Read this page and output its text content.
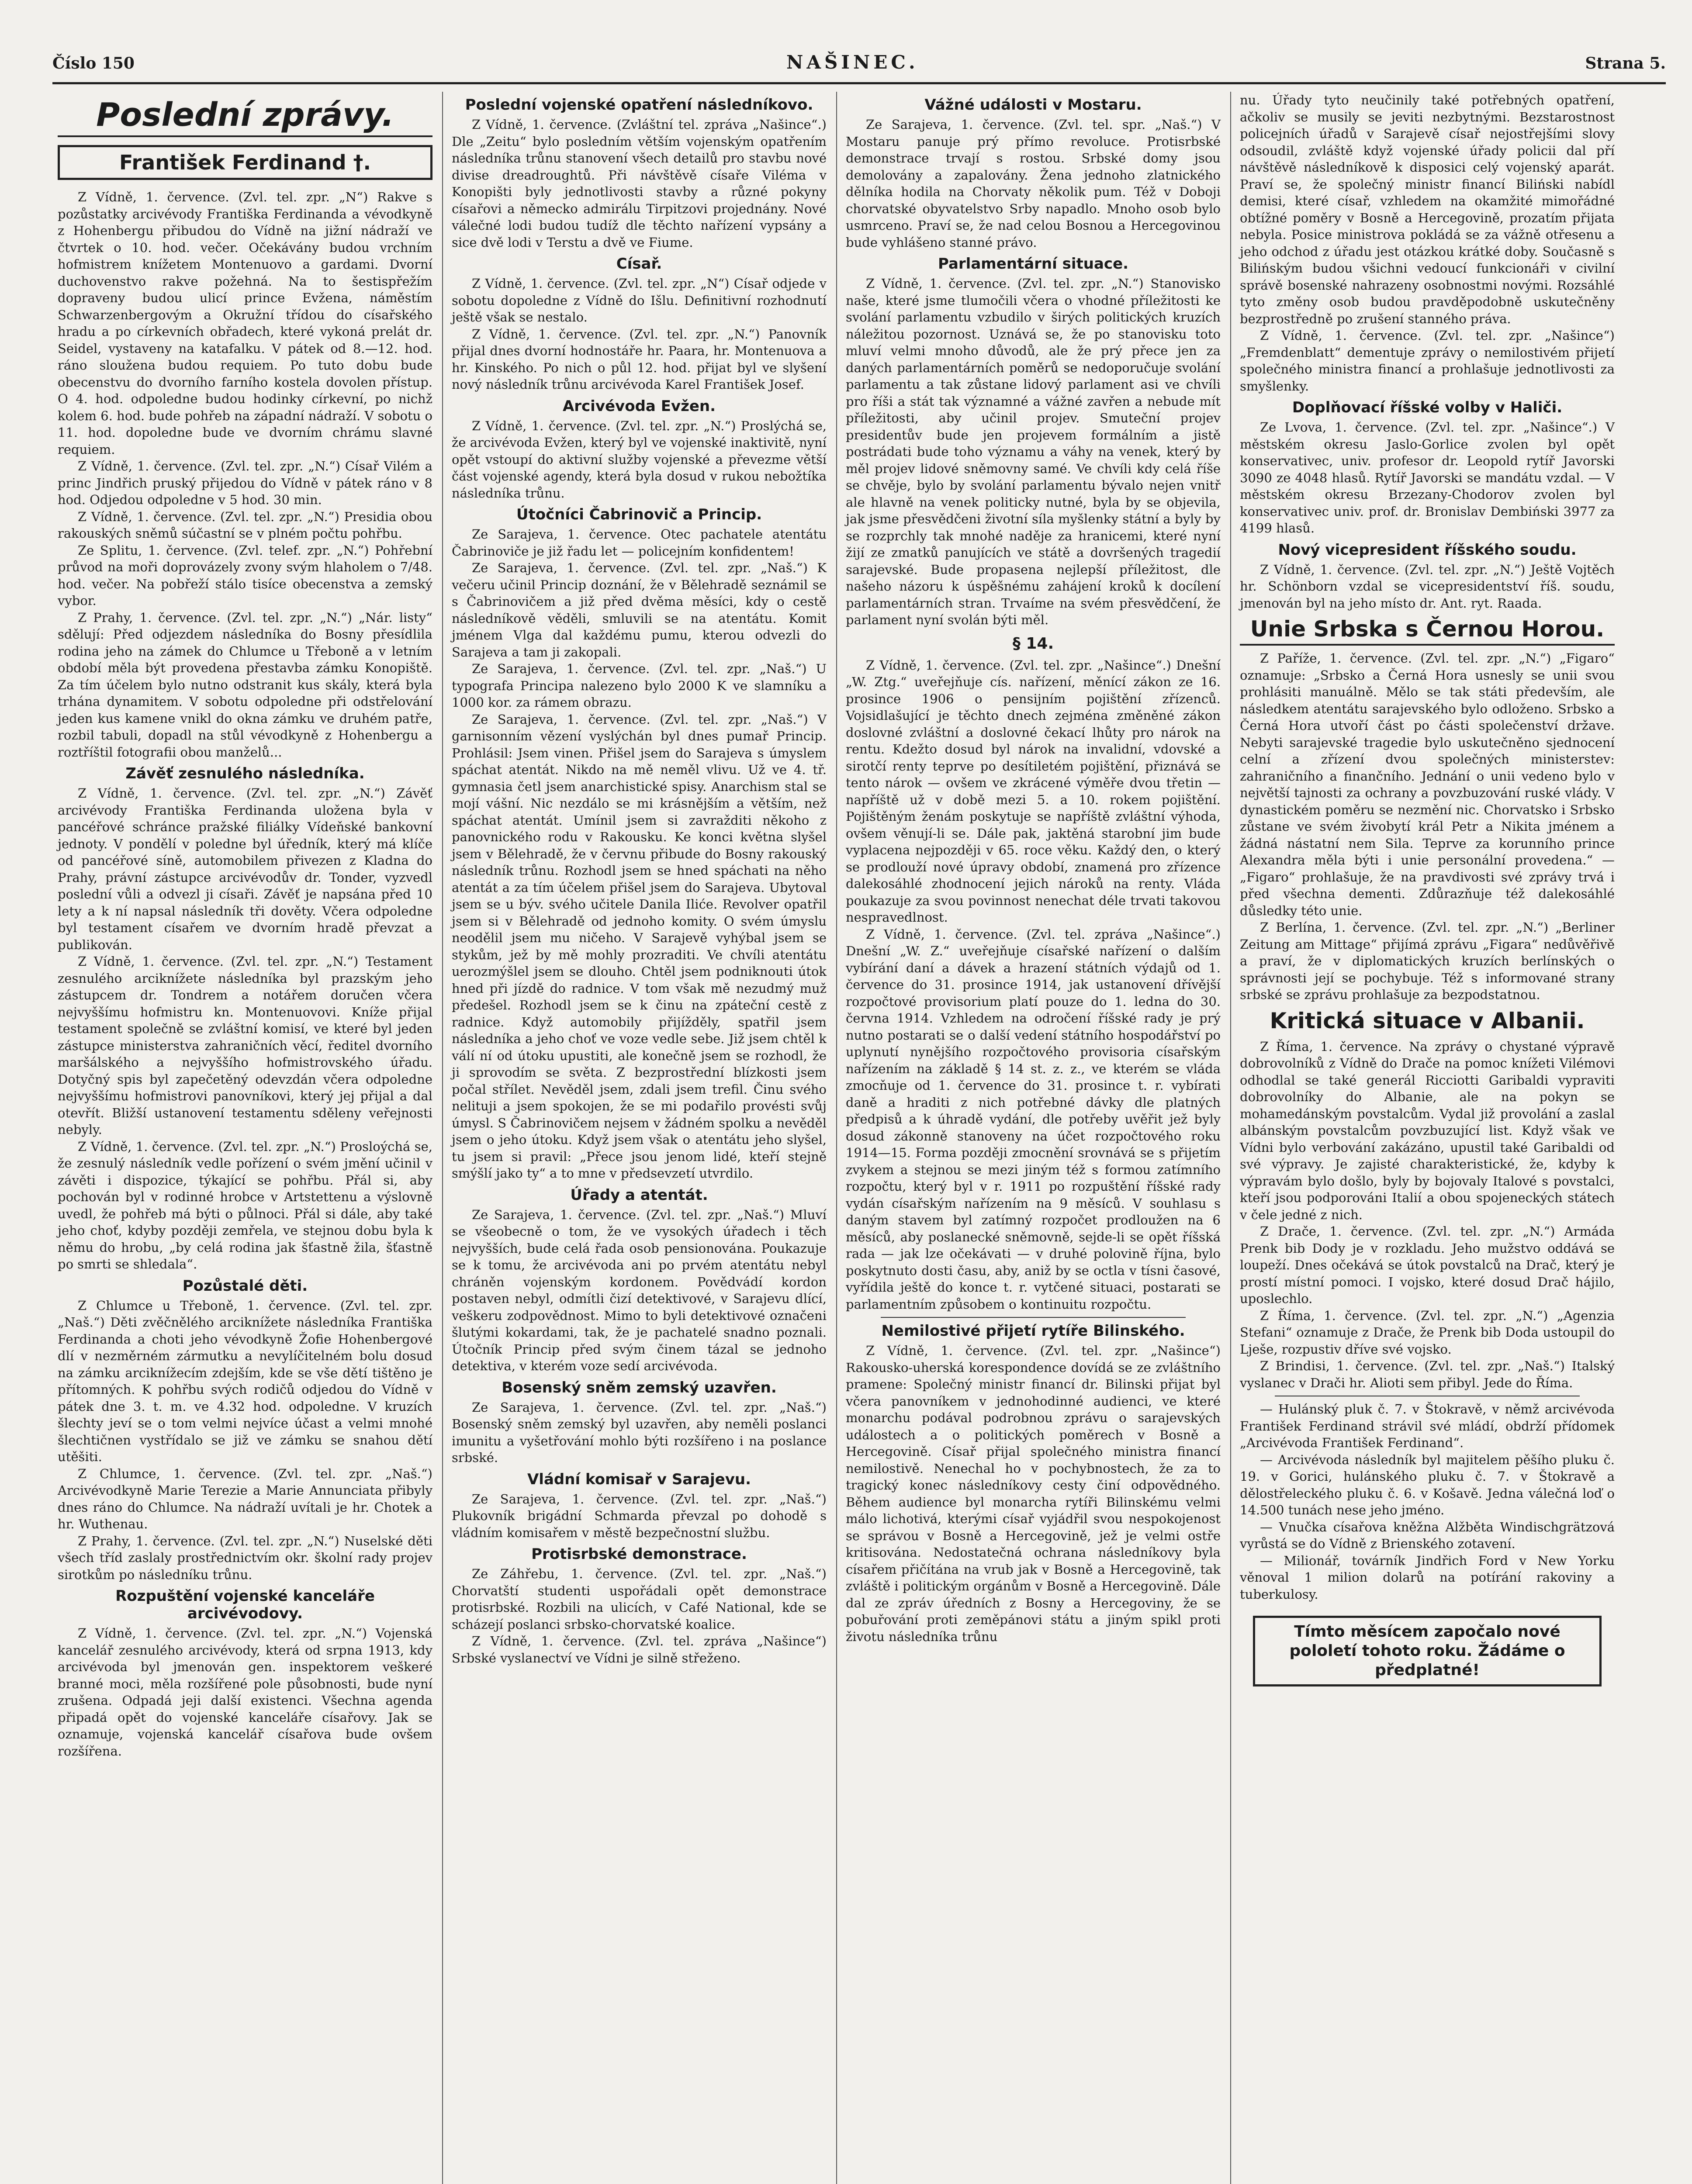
Číslo 150	NAŠINEC.	Strana 5.
Poslední zprávy.
František Ferdinand †.

Z Vídně, 1. července. (Zvl. tel. zpr. „N“) Rakve s pozůstatky arcivévody Františka Ferdinanda a vévodkyně z Hohenbergu přibudou do Vídně na jižní nádraží ve čtvrtek o 10. hod. večer. Očekávány budou vrchním hofmistrem knížetem Montenuovo a gardami. Dvorní duchovenstvo rakve požehná. Na to šestispřežím dopraveny budou ulicí prince Evžena, náměstím Schwarzenbergovým a Okružní třídou do císařského hradu a po církevních obřadech, které vykoná prelát dr. Seidel, vystaveny na katafalku. V pátek od 8.—12. hod. ráno sloužena budou requiem. Po tuto dobu bude obecenstvu do dvorního farního kostela dovolen přístup. O 4. hod. odpoledne budou hodinky církevní, po nichž kolem 6. hod. bude pohřeb na západní nádraží. V sobotu o 11. hod. dopoledne bude ve dvorním chrámu slavné requiem.

Z Vídně, 1. července. (Zvl. tel. zpr. „N.“) Císař Vilém a princ Jindřich pruský přijedou do Vídně v pátek ráno v 8 hod. Odjedou odpoledne v 5 hod. 30 min.

Z Vídně, 1. července. (Zvl. tel. zpr. „N.“) Presidia obou rakouských sněmů súčastní se v plném počtu pohřbu.

Ze Splitu, 1. července. (Zvl. telef. zpr. „N.“) Pohřební průvod na moři doprovázely zvony svým hlaholem o 7/48. hod. večer. Na pobřeží stálo tisíce obecenstva a zemský vybor.

Z Prahy, 1. července. (Zvl. tel. zpr. „N.“) „Nár. listy“ sdělují: Před odjezdem následníka do Bosny přesídlila rodina jeho na zámek do Chlumce u Třeboně a v letním období měla být provedena přestavba zámku Konopiště. Za tím účelem bylo nutno odstranit kus skály, která byla trhána dynamitem. V sobotu odpoledne při odstřelování jeden kus kamene vnikl do okna zámku ve druhém patře, rozbil tabuli, dopadl na stůl vévodkyně z Hohenbergu a roztříštil fotografii obou manželů...

Závěť zesnulého následníka.

Z Vídně, 1. července. (Zvl. tel. zpr. „N.“) Závěť arcivévody Františka Ferdinanda uložena byla v pancéřové schránce pražské filiálky Vídeňské bankovní jednoty. V pondělí v poledne byl úředník, který má klíče od pancéřové síně, automobilem přivezen z Kladna do Prahy, právní zástupce arcivévodův dr. Tonder, vyzvedl poslední vůli a odvezl ji císaři. Závěť je napsána před 10 lety a k ní napsal následník tři dověty. Včera odpoledne byl testament císařem ve dvorním hradě převzat a publikován.

Z Vídně, 1. července. (Zvl. tel. zpr. „N.“) Testament zesnulého arciknížete následníka byl prazským jeho zástupcem dr. Tondrem a notářem doručen včera nejvyššímu hofmistru kn. Montenuovovi. Kníže přijal testament společně se zvláštní komisí, ve které byl jeden zástupce ministerstva zahraničních věcí, ředitel dvorního maršálského a nejvyššího hofmistrovského úřadu. Dotyčný spis byl zapečetěný odevzdán včera odpoledne nejvyššímu hofmistrovi panovníkovi, který jej přijal a dal otevřít. Bližší ustanovení testamentu sděleny veřejnosti nebyly.

Z Vídně, 1. července. (Zvl. tel. zpr. „N.“) Prosloýchá se, že zesnulý následník vedle pořízení o svém jmění učinil v závěti i dispozice, týkající se pohřbu. Přál si, aby pochován byl v rodinné hrobce v Artstettenu a výslovně uvedl, že pohřeb má býti o půlnoci. Přál si dále, aby také jeho choť, kdyby později zemřela, ve stejnou dobu byla k němu do hrobu, „by celá rodina jak šťastně žila, šťastně po smrti se shledala“.

Pozůstalé děti.

Z Chlumce u Třeboně, 1. července. (Zvl. tel. zpr. „Naš.“) Děti zvěčnělého arciknížete následníka Františka Ferdinanda a choti jeho vévodkyně Žofie Hohenbergové dlí v nezměrném zármutku a nevylíčitelném bolu dosud na zámku arciknížecím zdejším, kde se vše dětí tištěno je přítomných. K pohřbu svých rodičů odjedou do Vídně v pátek dne 3. t. m. ve 4.32 hod. odpoledne. V kruzích šlechty jeví se o tom velmi nejvíce účast a velmi mnohé šlechtičnen vystřídalo se již ve zámku se snahou dětí utěšiti.

Z Chlumce, 1. července. (Zvl. tel. zpr. „Naš.“) Arcivévodkyně Marie Terezie a Marie Annunciata přibyly dnes ráno do Chlumce. Na nádraží uvítali je hr. Chotek a hr. Wuthenau.

Z Prahy, 1. července. (Zvl. tel. zpr. „N.“) Nuselské děti všech tříd zaslaly prostřednictvím okr. školní rady projev sirotkům po následníku trůnu.

Rozpuštění vojenské kanceláře arcivévodovy.

Z Vídně, 1. července. (Zvl. tel. zpr. „N.“) Vojenská kancelář zesnulého arcivévody, která od srpna 1913, kdy arcivévoda byl jmenován gen. inspektorem veškeré branné moci, měla rozšířené pole působnosti, bude nyní zrušena. Odpadá jeji další existenci. Všechna agenda připadá opět do vojenské kanceláře císařovy. Jak se oznamuje, vojenská kancelář císařova bude ovšem rozšířena.

Poslední vojenské opatření následníkovo.

Z Vídně, 1. července. (Zvláštní tel. zpráva „Našince“.) Dle „Zeitu“ bylo posledním větším vojenským opatřením následníka trůnu stanovení všech detailů pro stavbu nové divise dreadroughtů. Při návštěvě císaře Viléma v Konopišti byly jednotlivosti stavby a různé pokyny císařovi a německo admirálu Tirpitzovi projednány. Nové válečné lodi budou tudíž dle těchto nařízení vypsány a sice dvě lodi v Terstu a dvě ve Fiume.

Císař.

Z Vídně, 1. července. (Zvl. tel. zpr. „N“) Císař odjede v sobotu dopoledne z Vídně do Išlu. Definitivní rozhodnutí ještě však se nestalo.

Z Vídně, 1. července. (Zvl. tel. zpr. „N.“) Panovník přijal dnes dvorní hodnostáře hr. Paara, hr. Montenuova a hr. Kinského. Po nich o půl 12. hod. přijat byl ve slyšení nový následník trůnu arcivévoda Karel František Josef.

Arcivévoda Evžen.

Z Vídně, 1. července. (Zvl. tel. zpr. „N.“) Proslýchá se, že arcivévoda Evžen, který byl ve vojenské inaktivitě, nyní opět vstoupí do aktivní služby vojenské a převezme větší část vojenské agendy, která byla dosud v rukou nebožtíka následníka trůnu.

Útočníci Čabrinovič a Princip.

Ze Sarajeva, 1. července. Otec pachatele atentátu Čabrinoviče je již řadu let — policejním konfidentem!

Ze Sarajeva, 1. července. (Zvl. tel. zpr. „Naš.“) K večeru učinil Princip doznání, že v Bělehradě seznámil se s Čabrinovičem a již před dvěma měsíci, kdy o cestě následníkově věděli, smluvili se na atentátu. Komit jménem Vlga dal každému pumu, kterou odvezli do Sarajeva a tam ji zakopali.

Ze Sarajeva, 1. července. (Zvl. tel. zpr. „Naš.“) U typografa Principa nalezeno bylo 2000 K ve slamníku a 1000 kor. za rámem obrazu.

Ze Sarajeva, 1. července. (Zvl. tel. zpr. „Naš.“) V garnisonním vězení vyslýchán byl dnes pumař Princip. Prohlásil: Jsem vinen. Přišel jsem do Sarajeva s úmyslem spáchat atentát. Nikdo na mě neměl vlivu. Už ve 4. tř. gymnasia četl jsem anarchistické spisy. Anarchism stal se mojí vášní. Nic nezdálo se mi krásnějším a větším, než spáchat atentát. Umínil jsem si zavražditi někoho z panovnického rodu v Rakousku. Ke konci května slyšel jsem v Bělehradě, že v červnu přibude do Bosny rakouský následník trůnu. Rozhodl jsem se hned spáchati na něho atentát a za tím účelem přišel jsem do Sarajeva. Ubytoval jsem se u býv. svého učitele Danila Iliće. Revolver opatřil jsem si v Bělehradě od jednoho komity. O svém úmyslu neodělil jsem mu ničeho. V Sarajevě vyhýbal jsem se stykům, jež by mě mohly prozraditi. Ve chvíli atentátu uerozmýšlel jsem se dlouho. Chtěl jsem podniknouti útok hned při jízdě do radnice. V tom však mě nezudmý muž předešel. Rozhodl jsem se k činu na zpáteční cestě z radnice. Když automobily přijížděly, spatřil jsem následníka a jeho choť ve voze vedle sebe. Již jsem chtěl k válí ní od útoku upustiti, ale konečně jsem se rozhodl, že ji sprovodím se světa. Z bezprostřední blízkosti jsem počal střílet. Nevěděl jsem, zdali jsem trefil. Činu svého nelituji a jsem spokojen, že se mi podařilo provésti svůj úmysl. S Čabrinovičem nejsem v žádném spolku a nevěděl jsem o jeho útoku. Když jsem však o atentátu jeho slyšel, tu jsem si pravil: „Přece jsou jenom lidé, kteří stejně smýšlí jako ty“ a to mne v předsevzetí utvrdilo.

Úřady a atentát.

Ze Sarajeva, 1. července. (Zvl. tel. zpr. „Naš.“) Mluví se všeobecně o tom, že ve vysokých úřadech i těch nejvyšších, bude celá řada osob pensionována. Poukazuje se k tomu, že arcivévoda ani po prvém atentátu nebyl chráněn vojenským kordonem. Povědvádí kordon postaven nebyl, odmítli čizí detektivové, v Sarajevu dlící, veškeru zodpovědnost. Mimo to byli detektivové označeni šlutými kokardami, tak, že je pachatelé snadno poznali. Útočník Princip před svým činem tázal se jednoho detektiva, v kterém voze sedí arcivévoda.

Bosenský sněm zemský uzavřen.

Ze Sarajeva, 1. července. (Zvl. tel. zpr. „Naš.“) Bosenský sněm zemský byl uzavřen, aby neměli poslanci imunitu a vyšetřování mohlo býti rozšířeno i na poslance srbské.

Vládní komisař v Sarajevu.

Ze Sarajeva, 1. července. (Zvl. tel. zpr. „Naš.“) Plukovník brigádní Schmarda převzal po dohodě s vládním komisařem v městě bezpečnostní službu.

Protisrbské demonstrace.

Ze Záhřebu, 1. července. (Zvl. tel. zpr. „Naš.“) Chorvatští studenti uspořádali opět demonstrace protisrbské. Rozbili na ulicích, v Café National, kde se scházejí poslanci srbsko-chorvatské koalice.

Z Vídně, 1. července. (Zvl. tel. zpráva „Našince“) Srbské vyslanectví ve Vídni je silně střeženo.

Vážné události v Mostaru.

Ze Sarajeva, 1. července. (Zvl. tel. spr. „Naš.“) V Mostaru panuje prý přímo revoluce. Protisrbské demonstrace trvají s rostou. Srbské domy jsou demolovány a zapalovány. Žena jednoho zlatnického dělníka hodila na Chorvaty několik pum. Též v Doboji chorvatské obyvatelstvo Srby napadlo. Mnoho osob bylo usmrceno. Praví se, že nad celou Bosnou a Hercegovinou bude vyhlášeno stanné právo.

Parlamentární situace.

Z Vídně, 1. července. (Zvl. tel. zpr. „N.“) Stanovisko naše, které jsme tlumočili včera o vhodné příležitosti ke svolání parlamentu vzbudilo v širých politických kruzích náležitou pozornost. Uznává se, že po stanovisku toto mluví velmi mnoho důvodů, ale že prý přece jen za daných parlamentárních poměrů se nedoporučuje svolání parlamentu a tak zůstane lidový parlament asi ve chvíli pro říši a stát tak významné a vážné zavřen a nebude mít příležitosti, aby učinil projev. Smuteční projev presidentův bude jen projevem formálním a jistě postrádati bude toho významu a váhy na venek, který by měl projev lidové sněmovny samé. Ve chvíli kdy celá říše se chvěje, bylo by svolání parlamentu bývalo nejen vnitř ale hlavně na venek politicky nutné, byla by se objevila, jak jsme přesvědčeni životní síla myšlenky státní a byly by se rozprchly tak mnohé naděje za hranicemi, které nyní žijí ze zmatků panujících ve státě a dovršených tragedií sarajevské. Bude propasena nejlepší příležitost, dle našeho názoru k úspěšnému zahájení kroků k docílení parlamentárních stran. Trvaíme na svém přesvědčení, že parlament nyní svolán býti měl.

§ 14.

Z Vídně, 1. července. (Zvl. tel. zpr. „Našince“.) Dnešní „W. Ztg.“ uveřejňuje cís. nařízení, měnící zákon ze 16. prosince 1906 o pensijním pojištění zřízenců. Vojsidlašující je těchto dnech zejména změněné zákon doslovné zvláštní a doslovné čekací lhůty pro nárok na rentu. Kdežto dosud byl nárok na invalidní, vdovské a sirotčí renty teprve po desítiletém pojištění, přiznává se tento nárok — ovšem ve zkrácené výměře dvou třetin — napříště už v době mezi 5. a 10. rokem pojištění. Pojištěným ženám poskytuje se napříště zvláštní výhoda, ovšem věnují-li se. Dále pak, jaktěná starobní jim bude vyplacena nejpozději v 65. roce věku. Každý den, o který se prodlouží nové úpravy období, znamená pro zřízence dalekosáhlé zhodnocení jejich nároků na renty. Vláda poukazuje za svou povinnost nenechat déle trvati takovou nespravedlnost.

Z Vídně, 1. července. (Zvl. tel. zpráva „Našince“.) Dnešní „W. Z.“ uveřejňuje císařské nařízení o dalším vybírání daní a dávek a hrazení státních výdajů od 1. července do 31. prosince 1914, jak ustanovení dřívější rozpočtové provisorium platí pouze do 1. ledna do 30. června 1914. Vzhledem na odročení říšské rady je prý nutno postarati se o další vedení státního hospodářství po uplynutí nynějšího rozpočtového provisoria císařským nařízením na základě § 14 st. z. z., ve kterém se vláda zmocňuje od 1. července do 31. prosince t. r. vybírati daně a hraditi z nich potřebné dávky dle platných předpisů a k úhradě vydání, dle potřeby uvěřit jež byly dosud zákonně stanoveny na účet rozpočtového roku 1914—15. Forma později zmocnění srovnává se s přijetím zvykem a stejnou se mezi jiným též s formou zatímního rozpočtu, který byl v r. 1911 po rozpuštění říšské rady vydán císařským nařízením na 9 měsíců. V souhlasu s daným stavem byl zatímný rozpočet prodloužen na 6 měsíců, aby poslanecké sněmovně, sejde-li se opět říšská rada — jak lze očekávati — v druhé polovině října, bylo poskytnuto dosti času, aby, aniž by se octla v tísni časové, vyřídila ještě do konce t. r. vytčené situaci, postarati se parlamentním způsobem o kontinuitu rozpočtu.

Nemilostivé přijetí rytíře Bilinského.

Z Vídně, 1. července. (Zvl. tel. zpr. „Našince“) Rakousko-uherská korespondence dovídá se ze zvláštního pramene: Společný ministr financí dr. Bilinski přijat byl včera panovníkem v jednohodinné audienci, ve které monarchu podával podrobnou zprávu o sarajevských událostech a o politických poměrech v Bosně a Hercegovině. Císař přijal společného ministra financí nemilostivě. Nenechal ho v pochybnostech, že za to tragický konec následníkovy cesty činí odpovědného. Během audience byl monarcha rytíři Bilinskému velmi málo lichotivá, kterými císař vyjádřil svou nespokojenost se správou v Bosně a Hercegovině, jež je velmi ostře kritisována. Nedostatečná ochrana následníkovy byla císařem přičítána na vrub jak v Bosně a Hercegovině, tak zvláště i politickým orgánům v Bosně a Hercegovině. Dále dal ze zpráv úředních z Bosny a Hercegoviny, že se pobuřování proti zeměpánovi státu a jiným spikl proti životu následníka trůnu

nu. Úřady tyto neučinily také potřebných opatření, ačkoliv se musily se jeviti nezbytnými. Bezstarostnost policejních úřadů v Sarajevě císař nejostřejšími slovy odsoudil, zvláště když vojenské úřady policii dal pří návštěvě následníkově k disposici celý vojenský aparát. Praví se, že společný ministr financí Biliński nabídl demisi, které císař, vzhledem na okamžité mimořádné obtížné poměry v Bosně a Hercegovině, prozatím přijata nebyla. Posice ministrova pokládá se za vážně otřesenu a jeho odchod z úřadu jest otázkou krátké doby. Současně s Bilińským budou všichni vedoucí funkcionáři v civilní správě bosenské nahrazeny osobnostmi novými. Rozsáhlé tyto změny osob budou pravděpodobně uskutečněny bezprostředně po zrušení stanného práva.

Z Vídně, 1. července. (Zvl. tel. zpr. „Našince“) „Fremdenblatt“ dementuje zprávy o nemilostivém přijetí společného ministra financí a prohlašuje jednotlivosti za smyšlenky.

Doplňovací říšské volby v Haliči.

Ze Lvova, 1. července. (Zvl. tel. zpr. „Našince“.) V městském okresu Jaslo-Gorlice zvolen byl opět konservativec, univ. profesor dr. Leopold rytíř Javorski 3090 ze 4048 hlasů. Rytíř Javorski se mandátu vzdal. — V městském okresu Brzezany-Chodorov zvolen byl konservativec univ. prof. dr. Bronislav Dembiński 3977 za 4199 hlasů.

Nový vicepresident říšského soudu.

Z Vídně, 1. července. (Zvl. tel. zpr. „N.“) Ještě Vojtěch hr. Schönborn vzdal se vicepresidentství říš. soudu, jmenován byl na jeho místo dr. Ant. ryt. Raada.

Unie Srbska s Černou Horou.

Z Paříže, 1. července. (Zvl. tel. zpr. „N.“) „Figaro“ oznamuje: „Srbsko a Černá Hora usnesly se unii svou prohlásiti manuálně. Mělo se tak státi především, ale následkem atentátu sarajevského bylo odloženo. Srbsko a Černá Hora utvoří část po části společenství države. Nebyti sarajevské tragedie bylo uskutečněno sjednocení celní a zřízení dvou společných ministerstev: zahraničního a finančního. Jednání o unii vedeno bylo v největší tajnosti za ochrany a povzbuzování ruské vlády. V dynastickém poměru se nezmění nic. Chorvatsko i Srbsko zůstane ve svém živobytí král Petr a Nikita jménem a žádná nástatní nem Sila. Teprve za korunního prince Alexandra měla býti i unie personální provedena.“ — „Figaro“ prohlašuje, že na pravdivosti své zprávy trvá i před všechna dementi. Zdůrazňuje též dalekosáhlé důsledky této unie.

Z Berlína, 1. července. (Zvl. tel. zpr. „N.“) „Berliner Zeitung am Mittage“ přijímá zprávu „Figara“ nedůvěřivě a praví, že v diplomatických kruzích berlínských o správnosti její se pochybuje. Též s informované strany srbské se zprávu prohlašuje za bezpodstatnou.

Kritická situace v Albanii.

Z Říma, 1. července. Na zprávy o chystané výpravě dobrovolníků z Vídně do Drače na pomoc knížeti Vilémovi odhodlal se také generál Ricciotti Garibaldi vypraviti dobrovolníky do Albanie, ale na pokyn se mohamedánským povstalcům. Vydal již provolání a zaslal albánským povstalcům povzbuzující list. Když však ve Vídni bylo verbování zakázáno, upustil také Garibaldi od své výpravy. Je zajisté charakteristické, že, kdyby k výpravám bylo došlo, byly by bojovaly Italové s povstalci, kteří jsou podporováni Italií a obou spojeneckých státech v čele jedné z nich.

Z Drače, 1. července. (Zvl. tel. zpr. „N.“) Armáda Prenk bib Dody je v rozkladu. Jeho mužstvo oddává se loupeží. Dnes očekává se útok povstalců na Drač, který je prostí místní pomoci. I vojsko, které dosud Drač hájilo, uposlechlo.

Z Říma, 1. července. (Zvl. tel. zpr. „N.“) „Agenzia Stefani“ oznamuje z Drače, že Prenk bib Doda ustoupil do Lješe, rozpustiv dříve své vojsko.

Z Brindisi, 1. července. (Zvl. tel. zpr. „Naš.“) Italský vyslanec v Drači hr. Alioti sem přibyl. Jede do Říma.

— Hulánský pluk č. 7. v Štokravě, v němž arcivévoda František Ferdinand strávil své mládí, obdrží přídomek „Arcivévoda František Ferdinand“.

— Arcivévoda následník byl majitelem pěšího pluku č. 19. v Gorici, hulánského pluku č. 7. v Štokravě a dělostřeleckého pluku č. 6. v Košavě. Jedna válečná loď o 14.500 tunách nese jeho jméno.

— Vnučka císařova kněžna Alžběta Windischgrätzová vyrůstá se do Vídně z Brienského zotavení.

— Milionář, továrník Jindřich Ford v New Yorku věnoval 1 milion dolarů na potírání rakoviny a tuberkulosy.

Tímto měsícem započalo nové pololetí tohoto roku. Žádáme o předplatné!
